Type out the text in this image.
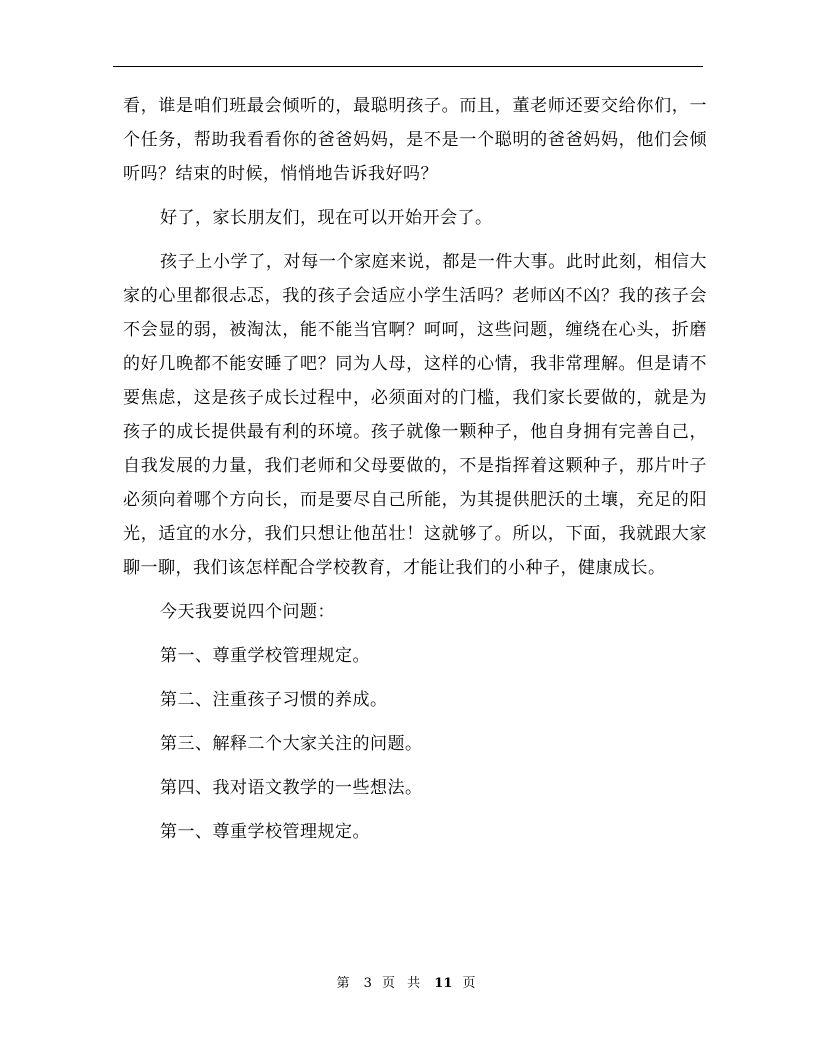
看，谁是咱们班最会倾听的，最聪明孩子。而且，董老师还要交给你们，一个任务，帮助我看看你的爸爸妈妈，是不是一个聪明的爸爸妈妈，他们会倾听吗？结束的时候，悄悄地告诉我好吗？

好了，家长朋友们，现在可以开始开会了。

孩子上小学了，对每一个家庭来说，都是一件大事。此时此刻，相信大家的心里都很忐忑，我的孩子会适应小学生活吗？老师凶不凶？我的孩子会不会显的弱，被淘汰，能不能当官啊？呵呵，这些问题，缠绕在心头，折磨的好几晚都不能安睡了吧？同为人母，这样的心情，我非常理解。但是请不要焦虑，这是孩子成长过程中，必须面对的门槛，我们家长要做的，就是为孩子的成长提供最有利的环境。孩子就像一颗种子，他自身拥有完善自己，自我发展的力量，我们老师和父母要做的，不是指挥着这颗种子，那片叶子必须向着哪个方向长，而是要尽自己所能，为其提供肥沃的土壤，充足的阳光，适宜的水分，我们只想让他茁壮！这就够了。所以，下面，我就跟大家聊一聊，我们该怎样配合学校教育，才能让我们的小种子，健康成长。

今天我要说四个问题：

第一、尊重学校管理规定。

第二、注重孩子习惯的养成。

第三、解释二个大家关注的问题。

第四、我对语文教学的一些想法。

第一、尊重学校管理规定。

第 3 页 共 11 页
